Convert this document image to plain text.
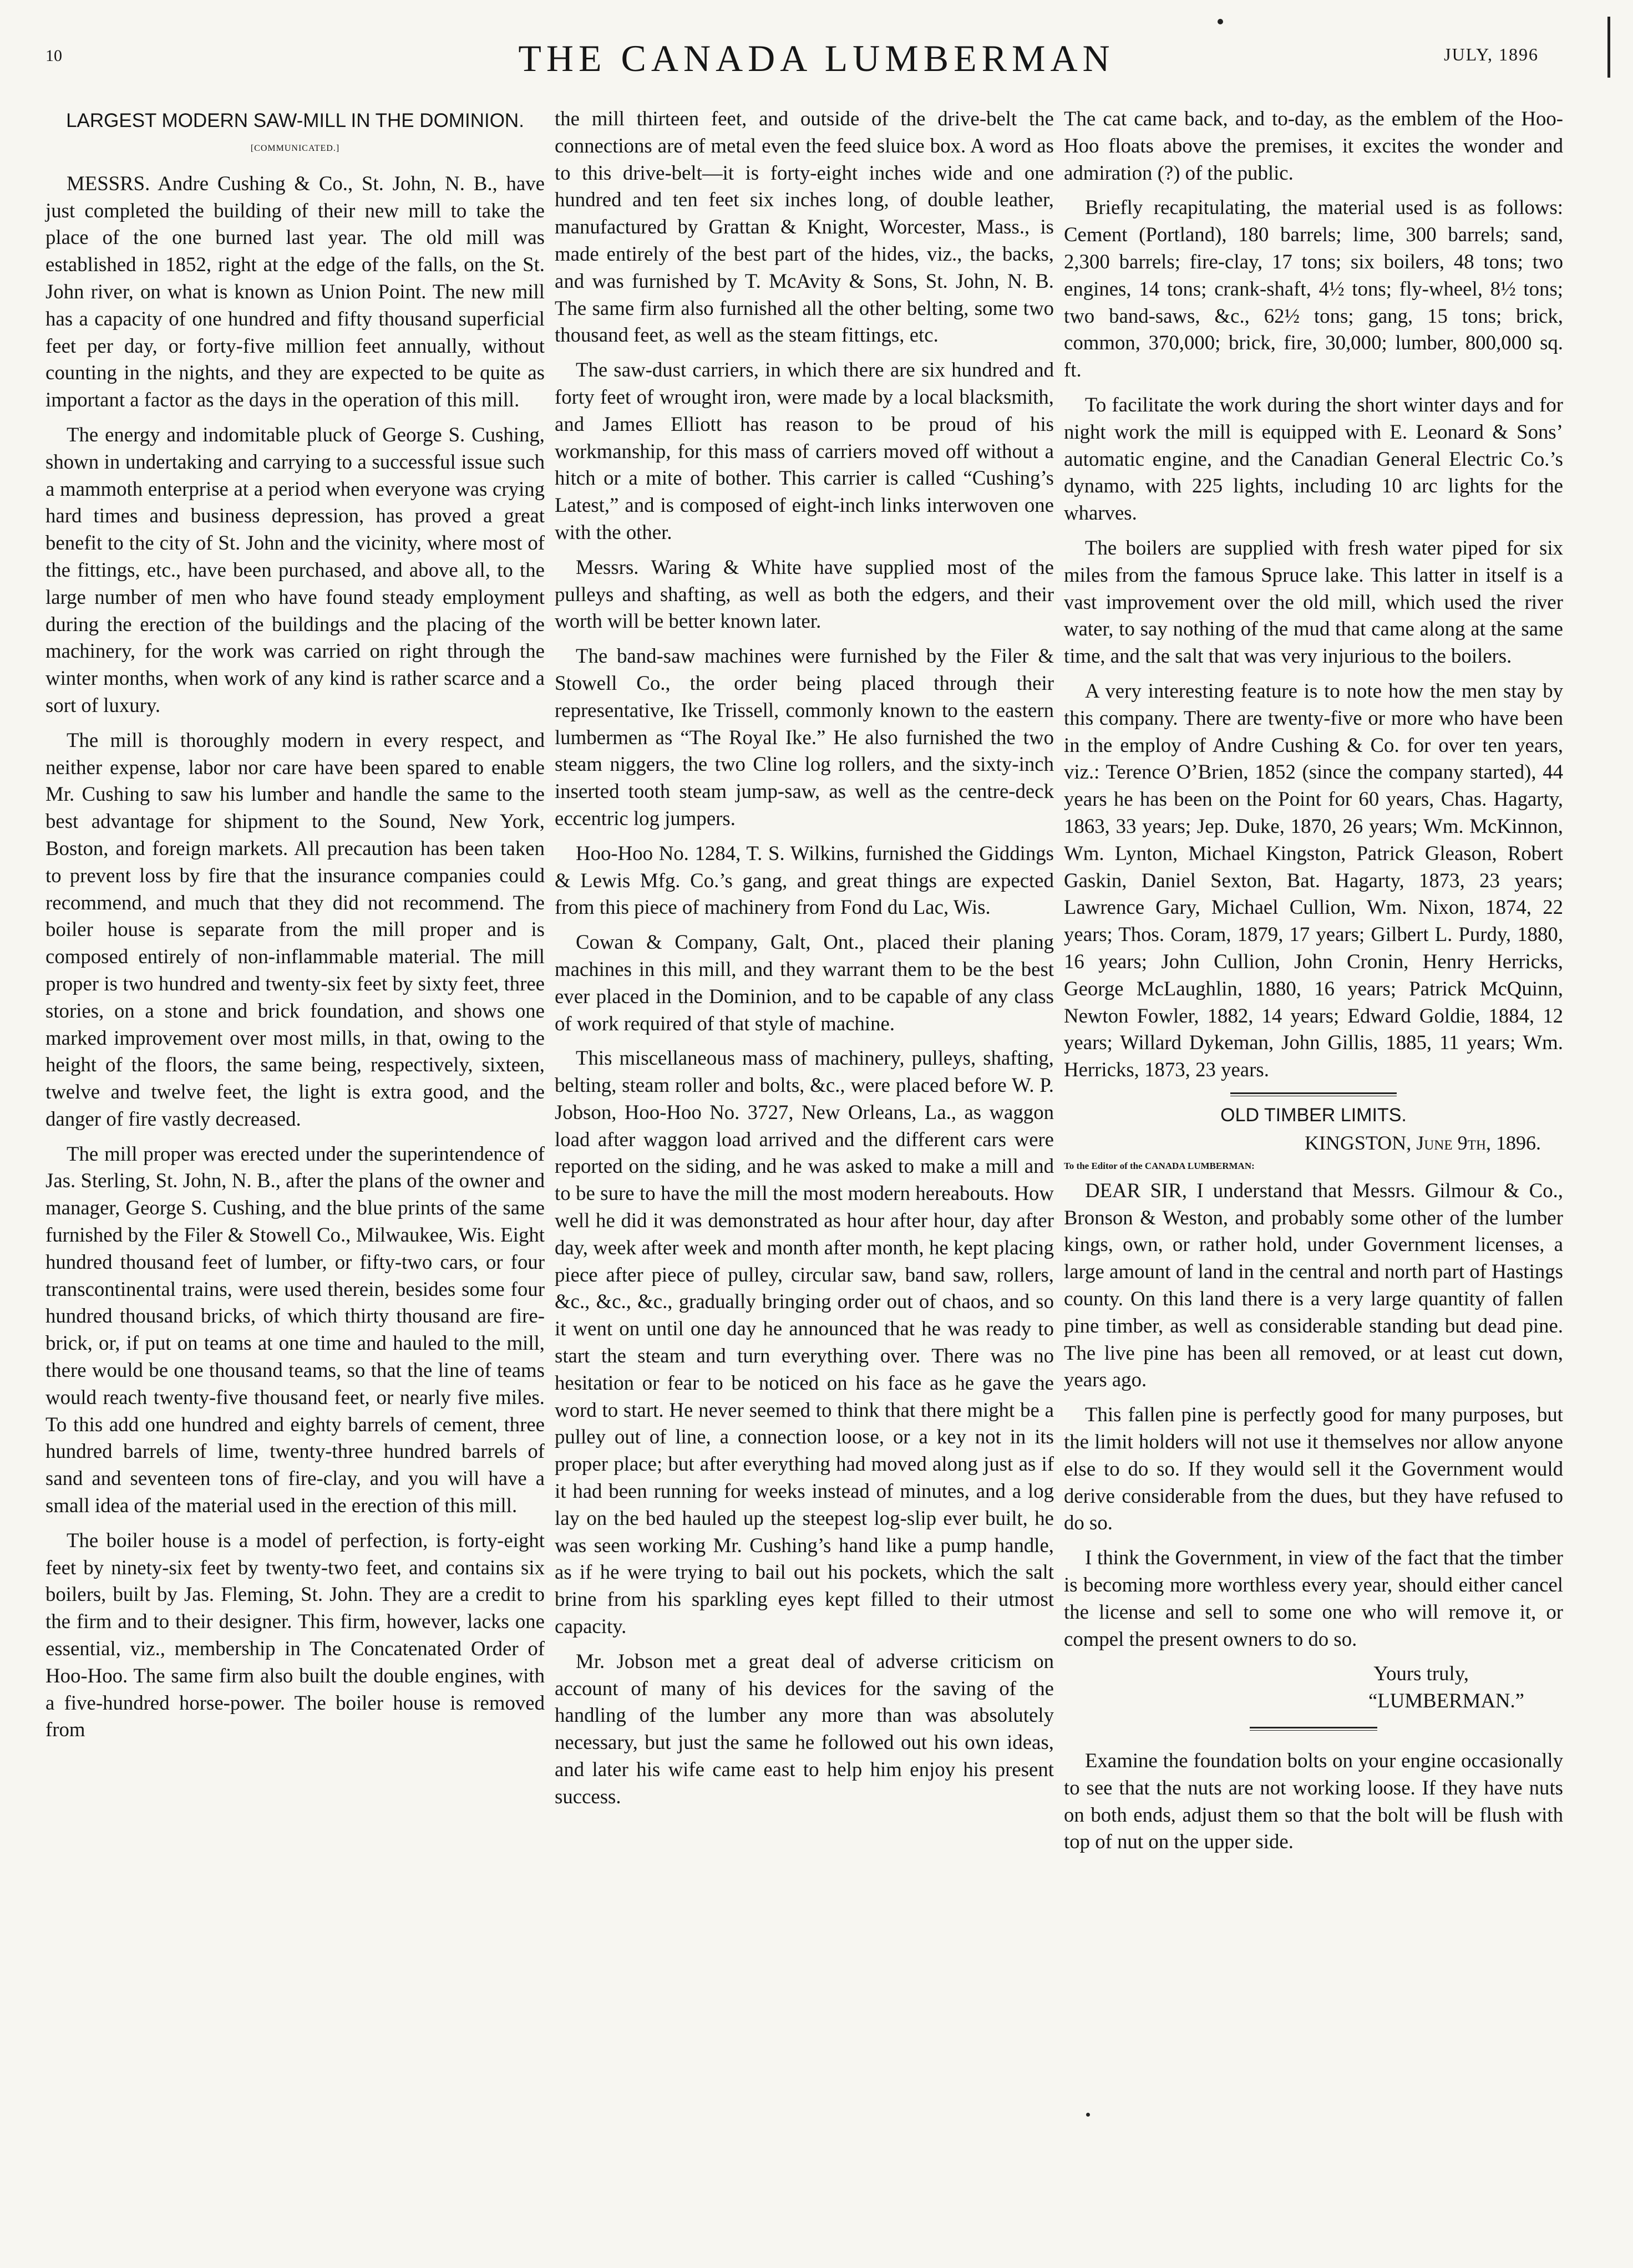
10	THE CANADA LUMBERMAN	JULY, 1896
LARGEST MODERN SAW-MILL IN THE DOMINION.
[COMMUNICATED.]

MESSRS. Andre Cushing & Co., St. John, N. B., have just completed the building of their new mill to take the place of the one burned last year. The old mill was established in 1852, right at the edge of the falls, on the St. John river, on what is known as Union Point. The new mill has a capacity of one hundred and fifty thousand superficial feet per day, or forty-five million feet annually, without counting in the nights, and they are expected to be quite as important a factor as the days in the operation of this mill.

The energy and indomitable pluck of George S. Cushing, shown in undertaking and carrying to a successful issue such a mammoth enterprise at a period when everyone was crying hard times and business depression, has proved a great benefit to the city of St. John and the vicinity, where most of the fittings, etc., have been purchased, and above all, to the large number of men who have found steady employment during the erection of the buildings and the placing of the machinery, for the work was carried on right through the winter months, when work of any kind is rather scarce and a sort of luxury.

The mill is thoroughly modern in every respect, and neither expense, labor nor care have been spared to enable Mr. Cushing to saw his lumber and handle the same to the best advantage for shipment to the Sound, New York, Boston, and foreign markets. All precaution has been taken to prevent loss by fire that the insurance companies could recommend, and much that they did not recommend. The boiler house is separate from the mill proper and is composed entirely of non-inflammable material. The mill proper is two hundred and twenty-six feet by sixty feet, three stories, on a stone and brick foundation, and shows one marked improvement over most mills, in that, owing to the height of the floors, the same being, respectively, sixteen, twelve and twelve feet, the light is extra good, and the danger of fire vastly decreased.

The mill proper was erected under the superintendence of Jas. Sterling, St. John, N. B., after the plans of the owner and manager, George S. Cushing, and the blue prints of the same furnished by the Filer & Stowell Co., Milwaukee, Wis. Eight hundred thousand feet of lumber, or fifty-two cars, or four transcontinental trains, were used therein, besides some four hundred thousand bricks, of which thirty thousand are fire-brick, or, if put on teams at one time and hauled to the mill, there would be one thousand teams, so that the line of teams would reach twenty-five thousand feet, or nearly five miles. To this add one hundred and eighty barrels of cement, three hundred barrels of lime, twenty-three hundred barrels of sand and seventeen tons of fire-clay, and you will have a small idea of the material used in the erection of this mill.

The boiler house is a model of perfection, is forty-eight feet by ninety-six feet by twenty-two feet, and contains six boilers, built by Jas. Fleming, St. John. They are a credit to the firm and to their designer. This firm, however, lacks one essential, viz., membership in The Concatenated Order of Hoo-Hoo. The same firm also built the double engines, with a five-hundred horse-power. The boiler house is removed from

the mill thirteen feet, and outside of the drive-belt the connections are of metal even the feed sluice box. A word as to this drive-belt—it is forty-eight inches wide and one hundred and ten feet six inches long, of double leather, manufactured by Grattan & Knight, Worcester, Mass., is made entirely of the best part of the hides, viz., the backs, and was furnished by T. McAvity & Sons, St. John, N. B. The same firm also furnished all the other belting, some two thousand feet, as well as the steam fittings, etc.

The saw-dust carriers, in which there are six hundred and forty feet of wrought iron, were made by a local blacksmith, and James Elliott has reason to be proud of his workmanship, for this mass of carriers moved off without a hitch or a mite of bother. This carrier is called “Cushing’s Latest,” and is composed of eight-inch links interwoven one with the other.

Messrs. Waring & White have supplied most of the pulleys and shafting, as well as both the edgers, and their worth will be better known later.

The band-saw machines were furnished by the Filer & Stowell Co., the order being placed through their representative, Ike Trissell, commonly known to the eastern lumbermen as “The Royal Ike.” He also furnished the two steam niggers, the two Cline log rollers, and the sixty-inch inserted tooth steam jump-saw, as well as the centre-deck eccentric log jumpers.

Hoo-Hoo No. 1284, T. S. Wilkins, furnished the Giddings & Lewis Mfg. Co.’s gang, and great things are expected from this piece of machinery from Fond du Lac, Wis.

Cowan & Company, Galt, Ont., placed their planing machines in this mill, and they warrant them to be the best ever placed in the Dominion, and to be capable of any class of work required of that style of machine.

This miscellaneous mass of machinery, pulleys, shafting, belting, steam roller and bolts, &c., were placed before W. P. Jobson, Hoo-Hoo No. 3727, New Orleans, La., as waggon load after waggon load arrived and the different cars were reported on the siding, and he was asked to make a mill and to be sure to have the mill the most modern hereabouts. How well he did it was demonstrated as hour after hour, day after day, week after week and month after month, he kept placing piece after piece of pulley, circular saw, band saw, rollers, &c., &c., &c., gradually bringing order out of chaos, and so it went on until one day he announced that he was ready to start the steam and turn everything over. There was no hesitation or fear to be noticed on his face as he gave the word to start. He never seemed to think that there might be a pulley out of line, a connection loose, or a key not in its proper place; but after everything had moved along just as if it had been running for weeks instead of minutes, and a log lay on the bed hauled up the steepest log-slip ever built, he was seen working Mr. Cushing’s hand like a pump handle, as if he were trying to bail out his pockets, which the salt brine from his sparkling eyes kept filled to their utmost capacity.

Mr. Jobson met a great deal of adverse criticism on account of many of his devices for the saving of the handling of the lumber any more than was absolutely necessary, but just the same he followed out his own ideas, and later his wife came east to help him enjoy his present success.

The cat came back, and to-day, as the emblem of the Hoo-Hoo floats above the premises, it excites the wonder and admiration (?) of the public.

Briefly recapitulating, the material used is as follows: Cement (Portland), 180 barrels; lime, 300 barrels; sand, 2,300 barrels; fire-clay, 17 tons; six boilers, 48 tons; two engines, 14 tons; crank-shaft, 4½ tons; fly-wheel, 8½ tons; two band-saws, &c., 62½ tons; gang, 15 tons; brick, common, 370,000; brick, fire, 30,000; lumber, 800,000 sq. ft.

To facilitate the work during the short winter days and for night work the mill is equipped with E. Leonard & Sons’ automatic engine, and the Canadian General Electric Co.’s dynamo, with 225 lights, including 10 arc lights for the wharves.

The boilers are supplied with fresh water piped for six miles from the famous Spruce lake. This latter in itself is a vast improvement over the old mill, which used the river water, to say nothing of the mud that came along at the same time, and the salt that was very injurious to the boilers.

A very interesting feature is to note how the men stay by this company. There are twenty-five or more who have been in the employ of Andre Cushing & Co. for over ten years, viz.: Terence O’Brien, 1852 (since the company started), 44 years he has been on the Point for 60 years, Chas. Hagarty, 1863, 33 years; Jep. Duke, 1870, 26 years; Wm. McKinnon, Wm. Lynton, Michael Kingston, Patrick Gleason, Robert Gaskin, Daniel Sexton, Bat. Hagarty, 1873, 23 years; Lawrence Gary, Michael Cullion, Wm. Nixon, 1874, 22 years; Thos. Coram, 1879, 17 years; Gilbert L. Purdy, 1880, 16 years; John Cullion, John Cronin, Henry Herricks, George McLaughlin, 1880, 16 years; Patrick McQuinn, Newton Fowler, 1882, 14 years; Edward Goldie, 1884, 12 years; Willard Dykeman, John Gillis, 1885, 11 years; Wm. Herricks, 1873, 23 years.

OLD TIMBER LIMITS.
KINGSTON, June 9th, 1896.
To the Editor of the CANADA LUMBERMAN:

DEAR SIR, I understand that Messrs. Gilmour & Co., Bronson & Weston, and probably some other of the lumber kings, own, or rather hold, under Government licenses, a large amount of land in the central and north part of Hastings county. On this land there is a very large quantity of fallen pine timber, as well as considerable standing but dead pine. The live pine has been all removed, or at least cut down, years ago.

This fallen pine is perfectly good for many purposes, but the limit holders will not use it themselves nor allow anyone else to do so. If they would sell it the Government would derive considerable from the dues, but they have refused to do so.

I think the Government, in view of the fact that the timber is becoming more worthless every year, should either cancel the license and sell to some one who will remove it, or compel the present owners to do so.

Yours truly,
“LUMBERMAN.”

Examine the foundation bolts on your engine occasionally to see that the nuts are not working loose. If they have nuts on both ends, adjust them so that the bolt will be flush with top of nut on the upper side.
